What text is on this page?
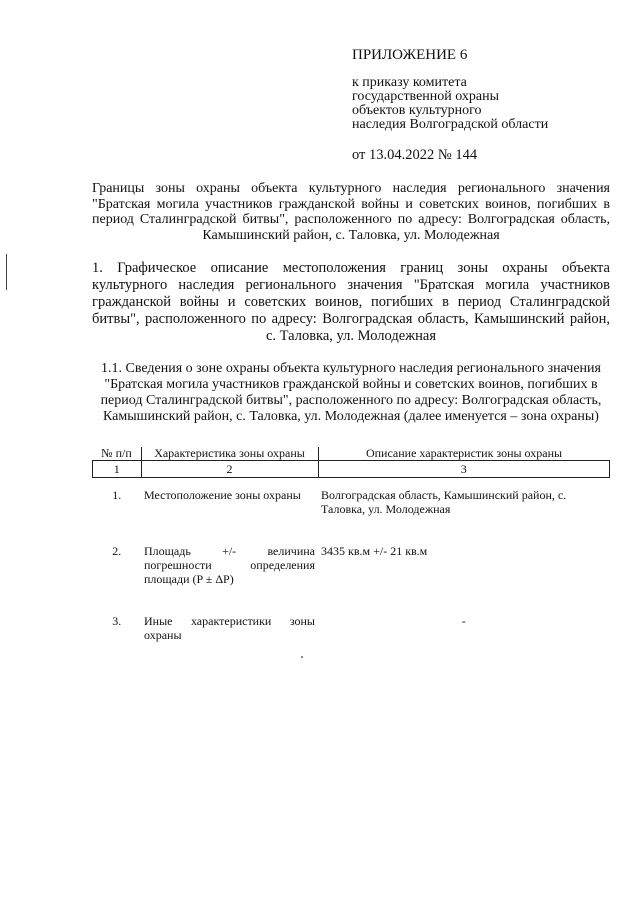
ПРИЛОЖЕНИЕ 6
к приказу комитета
государственной охраны
объектов культурного
наследия Волгоградской области
от 13.04.2022 № 144
Границы зоны охраны объекта культурного наследия регионального значения "Братская могила участников гражданской войны и советских воинов, погибших в период Сталинградской битвы", расположенного по адресу: Волгоградская область, Камышинский район, с. Таловка, ул. Молодежная
1. Графическое описание местоположения границ зоны охраны объекта культурного наследия регионального значения "Братская могила участников гражданской войны и советских воинов, погибших в период Сталинградской битвы", расположенного по адресу: Волгоградская область, Камышинский район, с. Таловка, ул. Молодежная
1.1. Сведения о зоне охраны объекта культурного наследия регионального значения "Братская могила участников гражданской войны и советских воинов, погибших в период Сталинградской битвы", расположенного по адресу: Волгоградская область, Камышинский район, с. Таловка, ул. Молодежная (далее именуется – зона охраны)
№ п/п	Характеристика зоны охраны	Описание характеристик зоны охраны
1	2	3

1.	Местоположение зоны охраны	Волгоградская область, Камышинский район, с. Таловка, ул. Молодежная

2.	Площадь +/- величина погрешности определения площади (P ± ΔP)	3435 кв.м +/- 21 кв.м

3.	Иные характеристики зоны охраны	-
